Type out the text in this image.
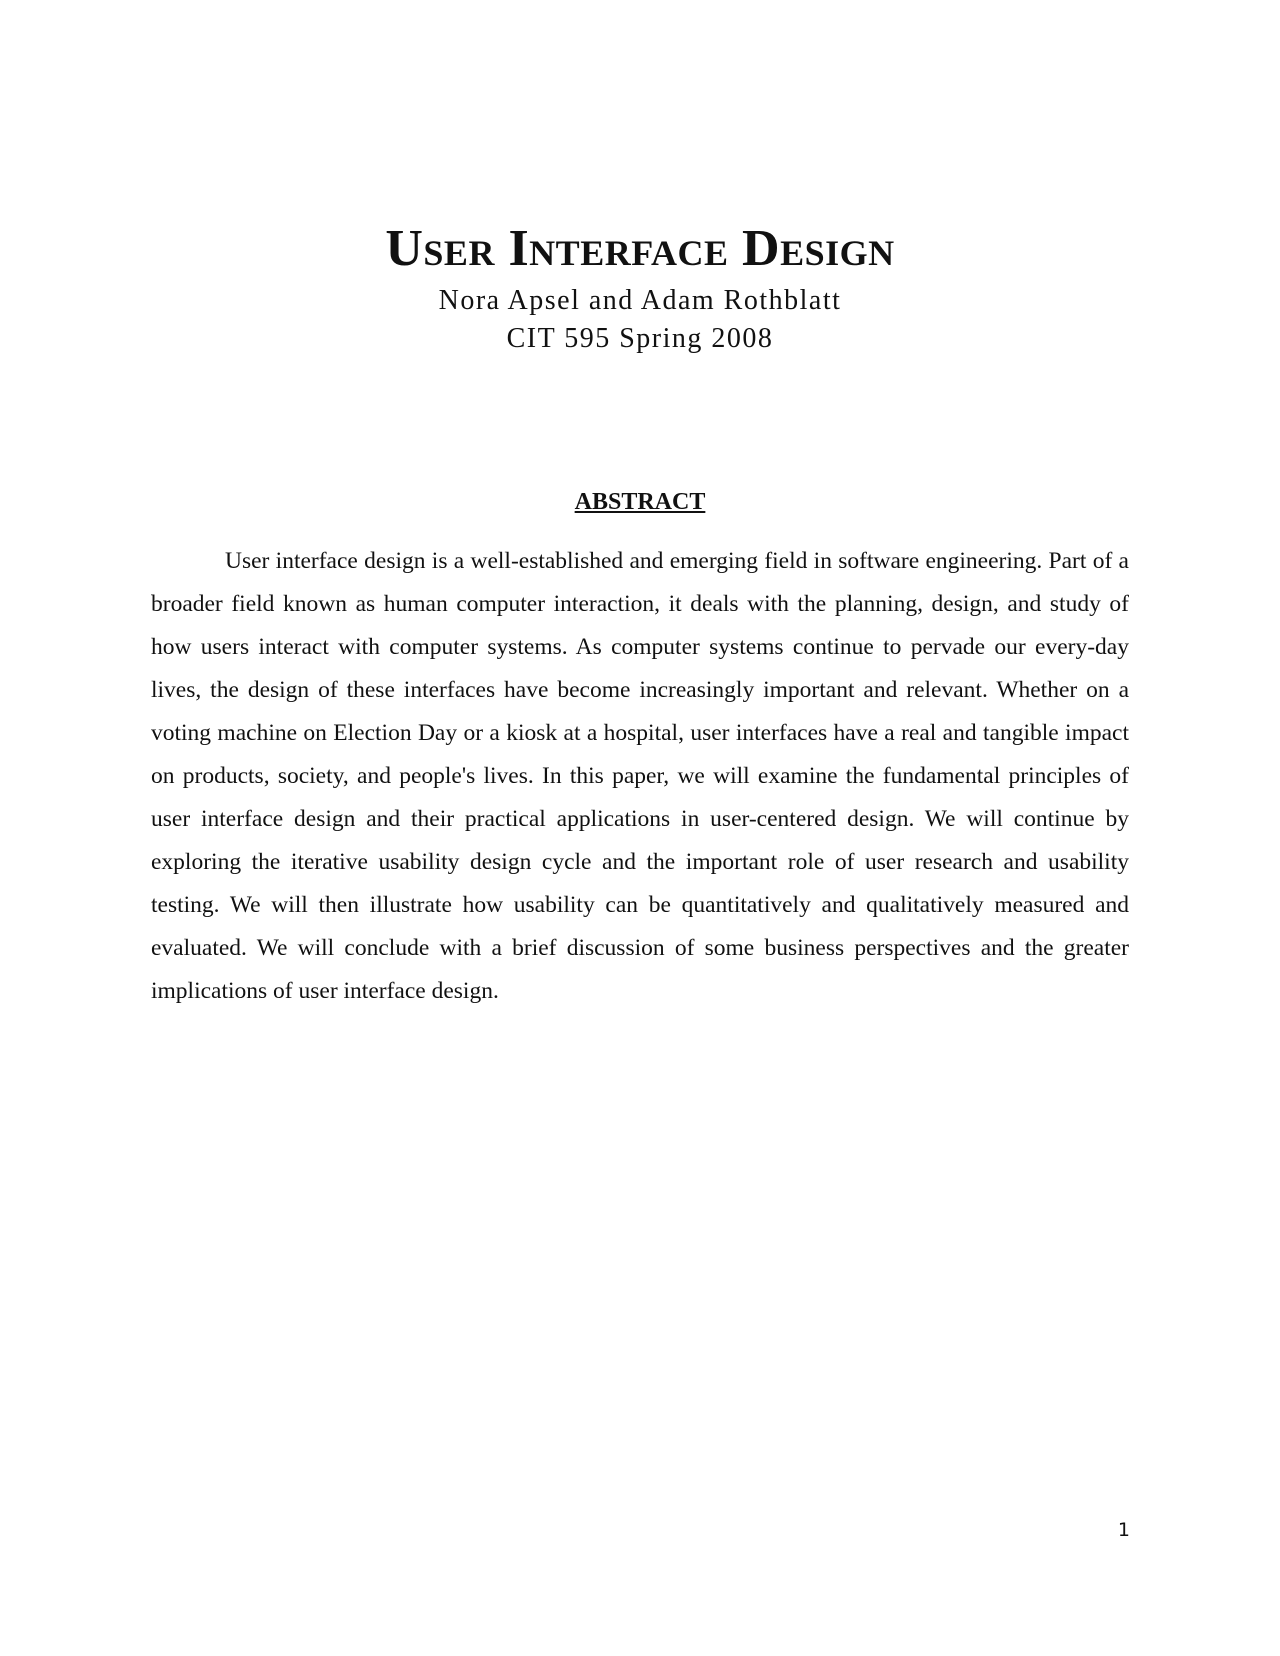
User Interface Design
Nora Apsel and Adam Rothblatt
CIT 595 Spring 2008
ABSTRACT

User interface design is a well-established and emerging field in software engineering. Part of a broader field known as human computer interaction, it deals with the planning, design, and study of how users interact with computer systems. As computer systems continue to pervade our every-day lives, the design of these interfaces have become increasingly important and relevant. Whether on a voting machine on Election Day or a kiosk at a hospital, user interfaces have a real and tangible impact on products, society, and people's lives. In this paper, we will examine the fundamental principles of user interface design and their practical applications in user-centered design. We will continue by exploring the iterative usability design cycle and the important role of user research and usability testing. We will then illustrate how usability can be quantitatively and qualitatively measured and evaluated. We will conclude with a brief discussion of some business perspectives and the greater implications of user interface design.

1
